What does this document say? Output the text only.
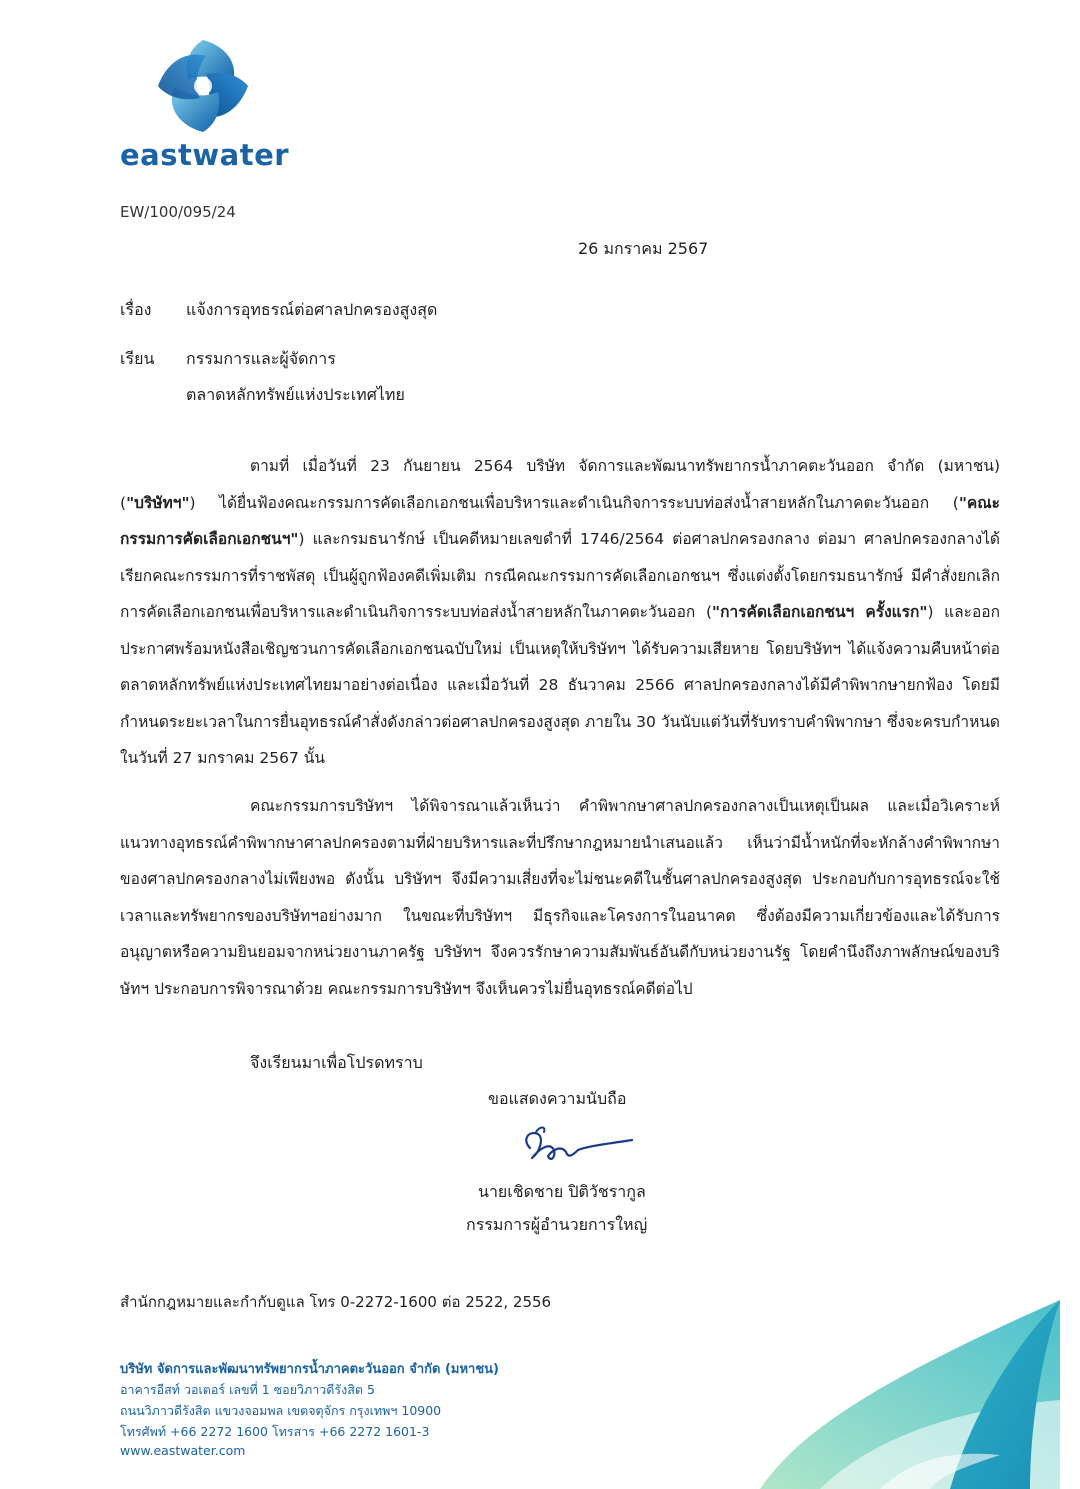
eastwater
EW/100/095/24
26 มกราคม 2567
เรื่อง แจ้งการอุทธรณ์ต่อศาลปกครองสูงสุด
เรียน กรรมการและผู้จัดการ
ตลาดหลักทรัพย์แห่งประเทศไทย
ตามที่ เมื่อวันที่ 23 กันยายน 2564 บริษัท จัดการและพัฒนาทรัพยากรน้ำภาคตะวันออก จำกัด (มหาชน) ("บริษัทฯ") ได้ยื่นฟ้องคณะกรรมการคัดเลือกเอกชนเพื่อบริหารและดำเนินกิจการระบบท่อส่งน้ำสายหลักในภาคตะวันออก ("คณะกรรมการคัดเลือกเอกชนฯ") และกรมธนารักษ์ เป็นคดีหมายเลขดำที่ 1746/2564 ต่อศาลปกครองกลาง ต่อมา ศาลปกครองกลางได้เรียกคณะกรรมการที่ราชพัสดุ เป็นผู้ถูกฟ้องคดีเพิ่มเติม กรณีคณะกรรมการคัดเลือกเอกชนฯ ซึ่งแต่งตั้งโดยกรมธนารักษ์ มีคำสั่งยกเลิกการคัดเลือกเอกชนเพื่อบริหารและดำเนินกิจการระบบท่อส่งน้ำสายหลักในภาคตะวันออก ("การคัดเลือกเอกชนฯ ครั้งแรก") และออกประกาศพร้อมหนังสือเชิญชวนการคัดเลือกเอกชนฉบับใหม่ เป็นเหตุให้บริษัทฯ ได้รับความเสียหาย โดยบริษัทฯ ได้แจ้งความคืบหน้าต่อตลาดหลักทรัพย์แห่งประเทศไทยมาอย่างต่อเนื่อง และเมื่อวันที่ 28 ธันวาคม 2566 ศาลปกครองกลางได้มีคำพิพากษายกฟ้อง โดยมีกำหนดระยะเวลาในการยื่นอุทธรณ์คำสั่งดังกล่าวต่อศาลปกครองสูงสุด ภายใน 30 วันนับแต่วันที่รับทราบคำพิพากษา ซึ่งจะครบกำหนดในวันที่ 27 มกราคม 2567 นั้น
คณะกรรมการบริษัทฯ ได้พิจารณาแล้วเห็นว่า คำพิพากษาศาลปกครองกลางเป็นเหตุเป็นผล และเมื่อวิเคราะห์แนวทางอุทธรณ์คำพิพากษาศาลปกครองตามที่ฝ่ายบริหารและที่ปรึกษากฎหมายนำเสนอแล้ว เห็นว่ามีน้ำหนักที่จะหักล้างคำพิพากษาของศาลปกครองกลางไม่เพียงพอ ดังนั้น บริษัทฯ จึงมีความเสี่ยงที่จะไม่ชนะคดีในชั้นศาลปกครองสูงสุด ประกอบกับการอุทธรณ์จะใช้เวลาและทรัพยากรของบริษัทฯอย่างมาก ในขณะที่บริษัทฯ มีธุรกิจและโครงการในอนาคต ซึ่งต้องมีความเกี่ยวข้องและได้รับการอนุญาตหรือความยินยอมจากหน่วยงานภาครัฐ บริษัทฯ จึงควรรักษาความสัมพันธ์อันดีกับหน่วยงานรัฐ โดยคำนึงถึงภาพลักษณ์ของบริษัทฯ ประกอบการพิจารณาด้วย คณะกรรมการบริษัทฯ จึงเห็นควรไม่ยื่นอุทธรณ์คดีต่อไป
จึงเรียนมาเพื่อโปรดทราบ
ขอแสดงความนับถือ
นายเชิดชาย ปิติวัชรากูล
กรรมการผู้อำนวยการใหญ่
สำนักกฎหมายและกำกับดูแล โทร 0-2272-1600 ต่อ 2522, 2556
บริษัท จัดการและพัฒนาทรัพยากรน้ำภาคตะวันออก จำกัด (มหาชน)
อาคารอีสท์ วอเตอร์ เลขที่ 1 ซอยวิภาวดีรังสิต 5
ถนนวิภาวดีรังสิต แขวงจอมพล เขตจตุจักร กรุงเทพฯ 10900
โทรศัพท์ +66 2272 1600 โทรสาร +66 2272 1601-3
www.eastwater.com
